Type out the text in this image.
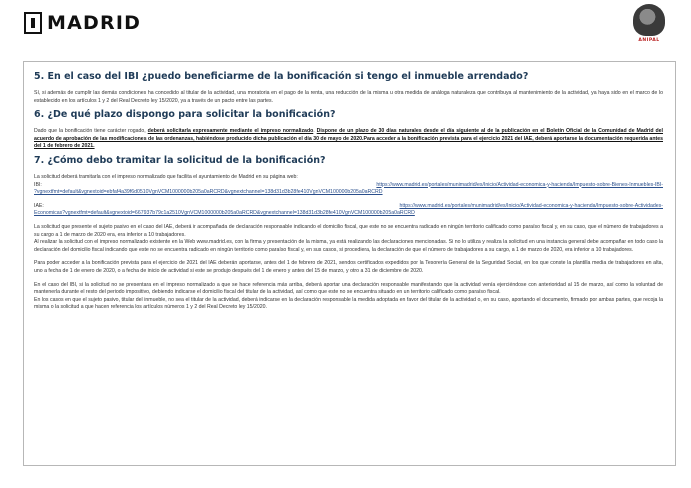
MADRID
ANIPAL
5. En el caso del IBI ¿puedo beneficiarme de la bonificación si tengo el inmueble arrendado?

Sí, si además de cumplir las demás condiciones ha concedido al titular de la actividad, una moratoria en el pago de la renta, una reducción de la misma u otra medida de análoga naturaleza que contribuya al mantenimiento de la actividad, ya haya sido en el marco de lo establecido en los artículos 1 y 2 del Real Decreto ley 15/2020, ya a través de un pacto entre las partes.

6. ¿De qué plazo dispongo para solicitar la bonificación?

Dado que la bonificación tiene carácter rogado, deberá solicitarla expresamente mediante el impreso normalizado. Dispone de un plazo de 30 días naturales desde el día siguiente al de la publicación en el Boletín Oficial de la Comunidad de Madrid del acuerdo de aprobación de las modificaciones de las ordenanzas, habiéndose producido dicha publicación el día 30 de mayo de 2020.Para acceder a la bonificación prevista para el ejercicio 2021 del IAE, deberá aportarse la documentación requerida antes del 1 de febrero de 2021.

7. ¿Cómo debo tramitar la solicitud de la bonificación?

La solicitud deberá tramitarla con el impreso normalizado que facilita el ayuntamiento de Madrid en su página web:

IBI:	https://www.madrid.es/portales/munimadrid/es/Inicio/Actividad-economica-y-hacienda/Impuesto-sobre-Bienes-Inmuebles-IBI-
?vgnextfmt=default&vgnextoid=ebfaf4a39f6d0510VgnVCM1000000b205a0aRCRD&vgnextchannel=138d31d3b28fe410VgnVCM100000b205a0aRCRD
IAE:	https://www.madrid.es/portales/munimadrid/es/Inicio/Actividad-economica-y-hacienda/Impuesto-sobre-Actividades-
Economicas?vgnextfmt=default&vgnextoid=667937b79c1a2510VgnVCM1000000b205a0aRCRD&vgnextchannel=138d31d3b28fe410VgnVCM100000b205a0aRCRD

La solicitud que presente el sujeto pasivo en el caso del IAE, deberá ir acompañada de declaración responsable indicando el domicilio fiscal, que este no se encuentra radicado en ningún territorio calificado como paraíso fiscal y, en su caso, que el número de trabajadores a su cargo a 1 de marzo de 2020 era, era inferior a 10 trabajadores.

Al realizar la solicitud con el impreso normalizado existente en la Web www.madrid.es, con la firma y presentación de la misma, ya está realizando las declaraciones mencionadas. Si no lo utiliza y realiza la solicitud en una instancia general debe acompañar en todo caso la declaración del domicilio fiscal indicando que este no se encuentra radicado en ningún territorio como paraíso fiscal y, en sus casos, si procediera, la declaración de que el número de trabajadores a su cargo, a 1 de marzo de 2020, era inferior a 10 trabajadores.

Para poder acceder a la bonificación prevista para el ejercicio de 2021 del IAE deberán aportarse, antes del 1 de febrero de 2021, sendos certificados expedidos por la Tesorería General de la Seguridad Social, en los que conste la plantilla media de trabajadores en alta, uno a fecha de 1 de enero de 2020, o a fecha de inicio de actividad si este se produjo después del 1 de enero y antes del 15 de marzo, y otro a 31 de diciembre de 2020.

En el caso del IBI, si la solicitud no se presentara en el impreso normalizado a que se hace referencia más arriba, deberá aportar una declaración responsable manifestando que la actividad venía ejerciéndose con anterioridad al 15 de marzo, así como la voluntad de mantenerla durante el resto del periodo impositivo, debiendo indicarse el domicilio fiscal del titular de la actividad, así como que este no se encuentra situado en un territorio calificado como paraíso fiscal.

En los casos en que el sujeto pasivo, titular del inmueble, no sea el titular de la actividad, deberá indicarse en la declaración responsable la medida adoptada en favor del titular de la actividad o, en su caso, aportando el documento, firmado por ambas partes, que recoja la misma o la solicitud a que hacen referencia los artículos números 1 y 2 del Real Decreto ley 15/2020.
